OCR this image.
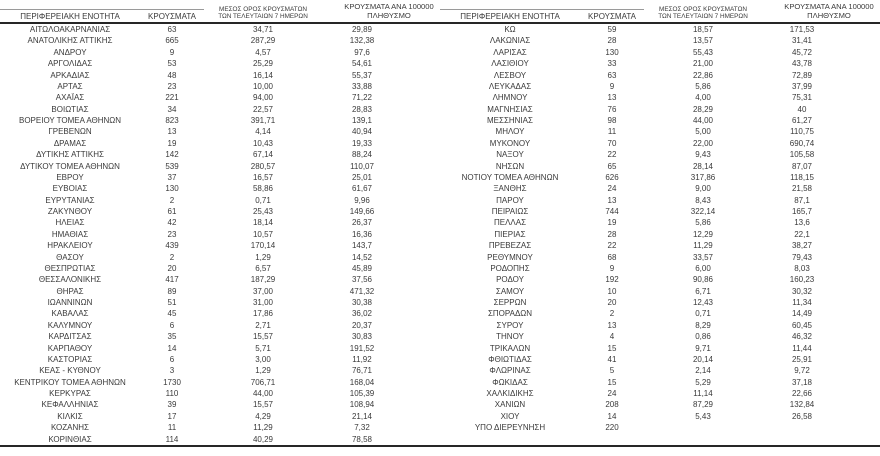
ΠΕΡΙΦΕΡΕΙΑΚΗ ΕΝΟΤΗΤΑ	ΚΡΟΥΣΜΑΤΑ
ΜΕΣΟΣ ΟΡΟΣ ΚΡΟΥΣΜΑΤΩΝ
ΤΩΝ ΤΕΛΕΥΤΑΙΩΝ 7 ΗΜΕΡΩΝ
ΚΡΟΥΣΜΑΤΑ ΑΝΑ 100000
ΠΛΗΘΥΣΜΟ
ΑΙΤΩΛΟΑΚΑΡΝΑΝΙΑΣ	63	34,71	29,89
ΑΝΑΤΟΛΙΚΗΣ ΑΤΤΙΚΗΣ	665	287,29	132,38
ΑΝΔΡΟΥ	9	4,57	97,6
ΑΡΓΟΛΙΔΑΣ	53	25,29	54,61
ΑΡΚΑΔΙΑΣ	48	16,14	55,37
ΑΡΤΑΣ	23	10,00	33,88
ΑΧΑΪΑΣ	221	94,00	71,22
ΒΟΙΩΤΙΑΣ	34	22,57	28,83
ΒΟΡΕΙΟΥ ΤΟΜΕΑ ΑΘΗΝΩΝ	823	391,71	139,1
ΓΡΕΒΕΝΩΝ	13	4,14	40,94
ΔΡΑΜΑΣ	19	10,43	19,33
ΔΥΤΙΚΗΣ ΑΤΤΙΚΗΣ	142	67,14	88,24
ΔΥΤΙΚΟΥ ΤΟΜΕΑ ΑΘΗΝΩΝ	539	280,57	110,07
ΕΒΡΟΥ	37	16,57	25,01
ΕΥΒΟΙΑΣ	130	58,86	61,67
ΕΥΡΥΤΑΝΙΑΣ	2	0,71	9,96
ΖΑΚΥΝΘΟΥ	61	25,43	149,66
ΗΛΕΙΑΣ	42	18,14	26,37
ΗΜΑΘΙΑΣ	23	10,57	16,36
ΗΡΑΚΛΕΙΟΥ	439	170,14	143,7
ΘΑΣΟΥ	2	1,29	14,52
ΘΕΣΠΡΩΤΙΑΣ	20	6,57	45,89
ΘΕΣΣΑΛΟΝΙΚΗΣ	417	187,29	37,56
ΘΗΡΑΣ	89	37,00	471,32
ΙΩΑΝΝΙΝΩΝ	51	31,00	30,38
ΚΑΒΑΛΑΣ	45	17,86	36,02
ΚΑΛΥΜΝΟΥ	6	2,71	20,37
ΚΑΡΔΙΤΣΑΣ	35	15,57	30,83
ΚΑΡΠΑΘΟΥ	14	5,71	191,52
ΚΑΣΤΟΡΙΑΣ	6	3,00	11,92
ΚΕΑΣ - ΚΥΘΝΟΥ	3	1,29	76,71
ΚΕΝΤΡΙΚΟΥ ΤΟΜΕΑ ΑΘΗΝΩΝ	1730	706,71	168,04
ΚΕΡΚΥΡΑΣ	110	44,00	105,39
ΚΕΦΑΛΛΗΝΙΑΣ	39	15,57	108,94
ΚΙΛΚΙΣ	17	4,29	21,14
ΚΟΖΑΝΗΣ	11	11,29	7,32
ΚΟΡΙΝΘΙΑΣ	114	40,29	78,58
ΠΕΡΙΦΕΡΕΙΑΚΗ ΕΝΟΤΗΤΑ	ΚΡΟΥΣΜΑΤΑ
ΜΕΣΟΣ ΟΡΟΣ ΚΡΟΥΣΜΑΤΩΝ
ΤΩΝ ΤΕΛΕΥΤΑΙΩΝ 7 ΗΜΕΡΩΝ
ΚΡΟΥΣΜΑΤΑ ΑΝΑ 100000
ΠΛΗΘΥΣΜΟ
ΚΩ	59	18,57	171,53
ΛΑΚΩΝΙΑΣ	28	13,57	31,41
ΛΑΡΙΣΑΣ	130	55,43	45,72
ΛΑΣΙΘΙΟΥ	33	21,00	43,78
ΛΕΣΒΟΥ	63	22,86	72,89
ΛΕΥΚΑΔΑΣ	9	5,86	37,99
ΛΗΜΝΟΥ	13	4,00	75,31
ΜΑΓΝΗΣΙΑΣ	76	28,29	40
ΜΕΣΣΗΝΙΑΣ	98	44,00	61,27
ΜΗΛΟΥ	11	5,00	110,75
ΜΥΚΟΝΟΥ	70	22,00	690,74
ΝΑΞΟΥ	22	9,43	105,58
ΝΗΣΩΝ	65	28,14	87,07
ΝΟΤΙΟΥ ΤΟΜΕΑ ΑΘΗΝΩΝ	626	317,86	118,15
ΞΑΝΘΗΣ	24	9,00	21,58
ΠΑΡΟΥ	13	8,43	87,1
ΠΕΙΡΑΙΩΣ	744	322,14	165,7
ΠΕΛΛΑΣ	19	5,86	13,6
ΠΙΕΡΙΑΣ	28	12,29	22,1
ΠΡΕΒΕΖΑΣ	22	11,29	38,27
ΡΕΘΥΜΝΟΥ	68	33,57	79,43
ΡΟΔΟΠΗΣ	9	6,00	8,03
ΡΟΔΟΥ	192	90,86	160,23
ΣΑΜΟΥ	10	6,71	30,32
ΣΕΡΡΩΝ	20	12,43	11,34
ΣΠΟΡΑΔΩΝ	2	0,71	14,49
ΣΥΡΟΥ	13	8,29	60,45
ΤΗΝΟΥ	4	0,86	46,32
ΤΡΙΚΑΛΩΝ	15	9,71	11,44
ΦΘΙΩΤΙΔΑΣ	41	20,14	25,91
ΦΛΩΡΙΝΑΣ	5	2,14	9,72
ΦΩΚΙΔΑΣ	15	5,29	37,18
ΧΑΛΚΙΔΙΚΗΣ	24	11,14	22,66
ΧΑΝΙΩΝ	208	87,29	132,84
ΧΙΟΥ	14	5,43	26,58
ΥΠΟ ΔΙΕΡΕΥΝΗΣΗ	220
